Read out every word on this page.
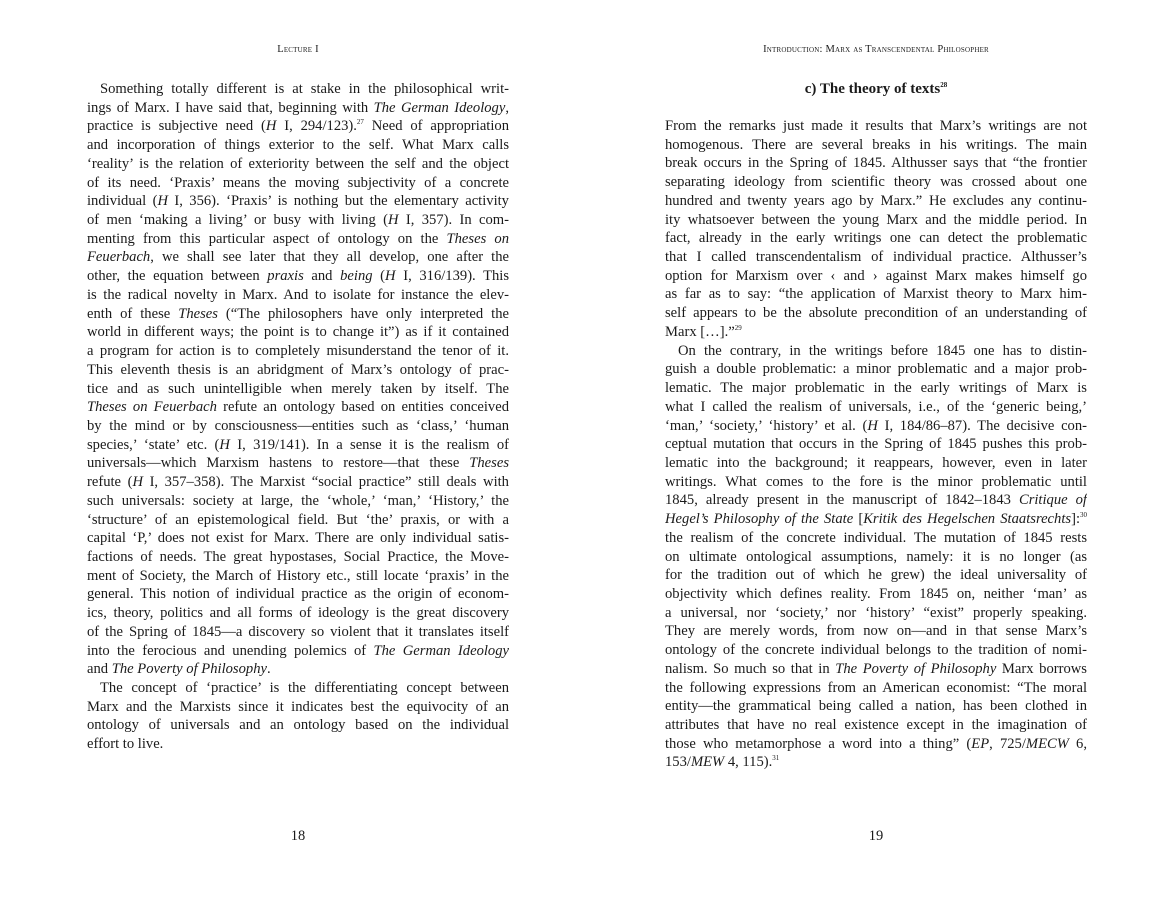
Lecture I
Something totally different is at stake in the philosophical writ-
ings of Marx. I have said that, beginning with The German Ideology,
practice is subjective need (H I, 294/123).$^{27}$ Need of appropriation
and incorporation of things exterior to the self. What Marx calls
‘reality’ is the relation of exteriority between the self and the object
of its need. ‘Praxis’ means the moving subjectivity of a concrete
individual (H I, 356). ‘Praxis’ is nothing but the elementary activity
of men ‘making a living’ or busy with living (H I, 357). In com-
menting from this particular aspect of ontology on the Theses on
Feuerbach, we shall see later that they all develop, one after the
other, the equation between praxis and being (H I, 316/139). This
is the radical novelty in Marx. And to isolate for instance the elev-
enth of these Theses (“The philosophers have only interpreted the
world in different ways; the point is to change it”) as if it contained
a program for action is to completely misunderstand the tenor of it.
This eleventh thesis is an abridgment of Marx’s ontology of prac-
tice and as such unintelligible when merely taken by itself. The
Theses on Feuerbach refute an ontology based on entities conceived
by the mind or by consciousness—entities such as ‘class,’ ‘human
species,’ ‘state’ etc. (H I, 319/141). In a sense it is the realism of
universals—which Marxism hastens to restore—that these Theses
refute (H I, 357–358). The Marxist “social practice” still deals with
such universals: society at large, the ‘whole,’ ‘man,’ ‘History,’ the
‘structure’ of an epistemological field. But ‘the’ praxis, or with a
capital ‘P,’ does not exist for Marx. There are only individual satis-
factions of needs. The great hypostases, Social Practice, the Move-
ment of Society, the March of History etc., still locate ‘praxis’ in the
general. This notion of individual practice as the origin of econom-
ics, theory, politics and all forms of ideology is the great discovery
of the Spring of 1845—a discovery so violent that it translates itself
into the ferocious and unending polemics of The German Ideology
and The Poverty of Philosophy.
The concept of ‘practice’ is the differentiating concept between
Marx and the Marxists since it indicates best the equivocity of an
ontology of universals and an ontology based on the individual
effort to live.
18
Introduction: Marx as Transcendental Philosopher
c) The theory of texts$^{28}$
From the remarks just made it results that Marx’s writings are not
homogenous. There are several breaks in his writings. The main
break occurs in the Spring of 1845. Althusser says that “the frontier
separating ideology from scientific theory was crossed about one
hundred and twenty years ago by Marx.” He excludes any continu-
ity whatsoever between the young Marx and the middle period. In
fact, already in the early writings one can detect the problematic
that I called transcendentalism of individual practice. Althusser’s
option for Marxism over ‹ and › against Marx makes himself go
as far as to say: “the application of Marxist theory to Marx him-
self appears to be the absolute precondition of an understanding of
Marx […].”$^{29}$
On the contrary, in the writings before 1845 one has to distin-
guish a double problematic: a minor problematic and a major prob-
lematic. The major problematic in the early writings of Marx is
what I called the realism of universals, i.e., of the ‘generic being,’
‘man,’ ‘society,’ ‘history’ et al. (H I, 184/86–87). The decisive con-
ceptual mutation that occurs in the Spring of 1845 pushes this prob-
lematic into the background; it reappears, however, even in later
writings. What comes to the fore is the minor problematic until
1845, already present in the manuscript of 1842–1843 Critique of
Hegel’s Philosophy of the State [Kritik des Hegelschen Staatsrechts]:$^{30}$
the realism of the concrete individual. The mutation of 1845 rests
on ultimate ontological assumptions, namely: it is no longer (as
for the tradition out of which he grew) the ideal universality of
objectivity which defines reality. From 1845 on, neither ‘man’ as
a universal, nor ‘society,’ nor ‘history’ “exist” properly speaking.
They are merely words, from now on—and in that sense Marx’s
ontology of the concrete individual belongs to the tradition of nomi-
nalism. So much so that in The Poverty of Philosophy Marx borrows
the following expressions from an American economist: “The moral
entity—the grammatical being called a nation, has been clothed in
attributes that have no real existence except in the imagination of
those who metamorphose a word into a thing” (EP, 725/MECW 6,
153/MEW 4, 115).$^{31}$
19
